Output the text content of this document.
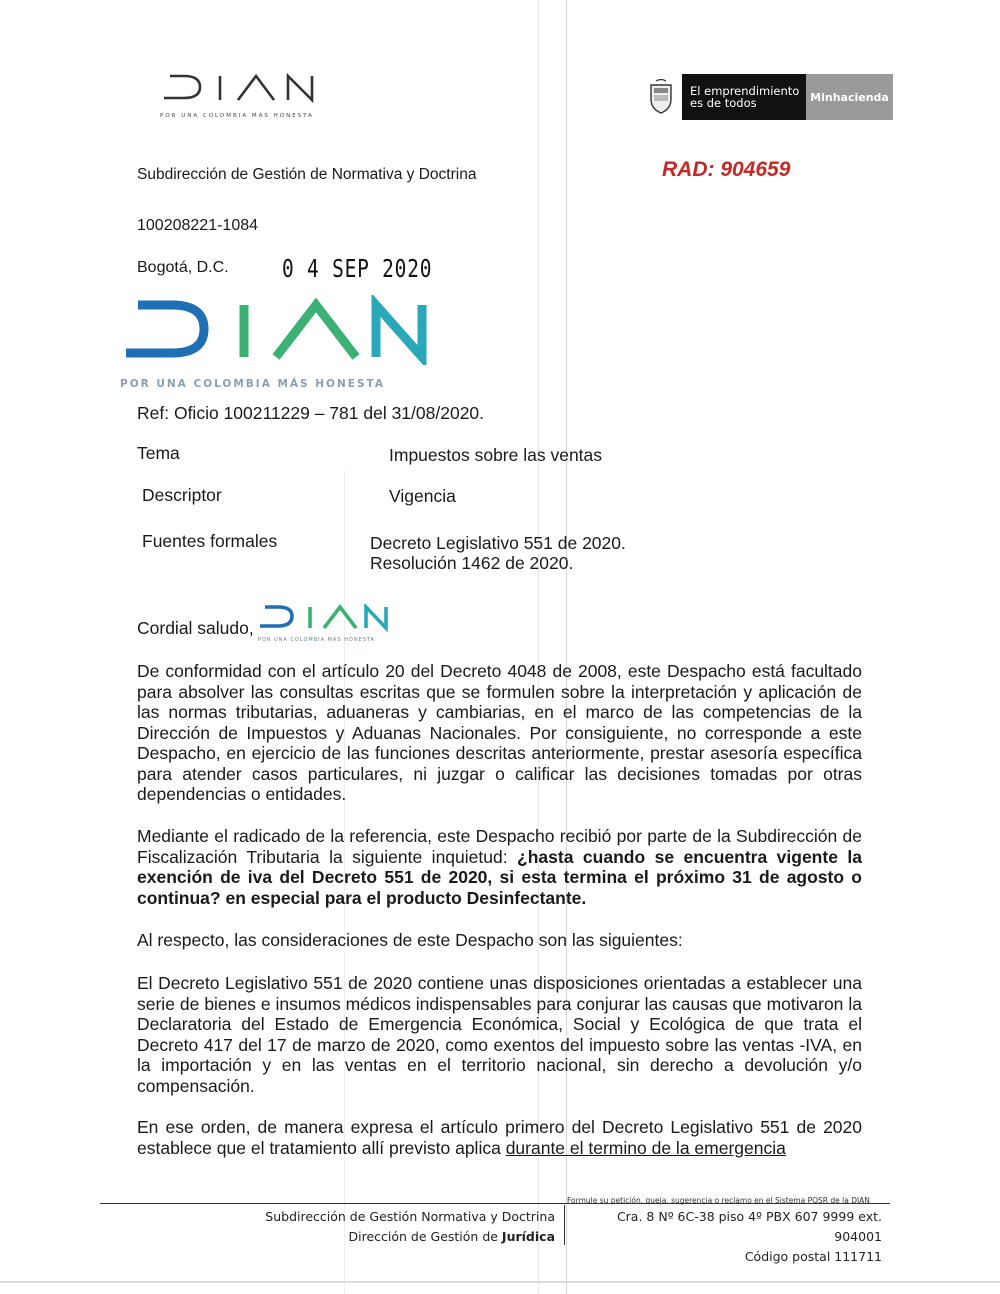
POR UNA COLOMBIA MÁS HONESTA
El emprendimiento
es de todos	Minhacienda
Subdirección de Gestión de Normativa y Doctrina	RAD: 904659
100208221-1084
Bogotá, D.C. 0 4 SEP 2020
POR UNA COLOMBIA MÁS HONESTA
Ref: Oficio 100211229 – 781 del 31/08/2020.
Tema	Impuestos sobre las ventas
Descriptor	Vigencia
Fuentes formales	Decreto Legislativo 551 de 2020.
Resolución 1462 de 2020.
Cordial saludo,
POR UNA COLOMBIA MÁS HONESTA
De conformidad con el artículo 20 del Decreto 4048 de 2008, este Despacho está facultado para absolver las consultas escritas que se formulen sobre la interpretación y aplicación de las normas tributarias, aduaneras y cambiarias, en el marco de las competencias de la Dirección de Impuestos y Aduanas Nacionales. Por consiguiente, no corresponde a este Despacho, en ejercicio de las funciones descritas anteriormente, prestar asesoría específica para atender casos particulares, ni juzgar o calificar las decisiones tomadas por otras dependencias o entidades.
Mediante el radicado de la referencia, este Despacho recibió por parte de la Subdirección de Fiscalización Tributaria la siguiente inquietud: ¿hasta cuando se encuentra vigente la exención de iva del Decreto 551 de 2020, si esta termina el próximo 31 de agosto o continua? en especial para el producto Desinfectante.
Al respecto, las consideraciones de este Despacho son las siguientes:
El Decreto Legislativo 551 de 2020 contiene unas disposiciones orientadas a establecer una serie de bienes e insumos médicos indispensables para conjurar las causas que motivaron la Declaratoria del Estado de Emergencia Económica, Social y Ecológica de que trata el Decreto 417 del 17 de marzo de 2020, como exentos del impuesto sobre las ventas -IVA, en la importación y en las ventas en el territorio nacional, sin derecho a devolución y/o compensación.
En ese orden, de manera expresa el artículo primero del Decreto Legislativo 551 de 2020 establece que el tratamiento allí previsto aplica durante el termino de la emergencia
Formule su petición, queja, sugerencia o reclamo en el Sistema PQSR de la DIAN
Subdirección de Gestión Normativa y Doctrina
Dirección de Gestión de Jurídica
Cra. 8 Nº 6C-38 piso 4º PBX 607 9999 ext. 904001
Código postal 111711
